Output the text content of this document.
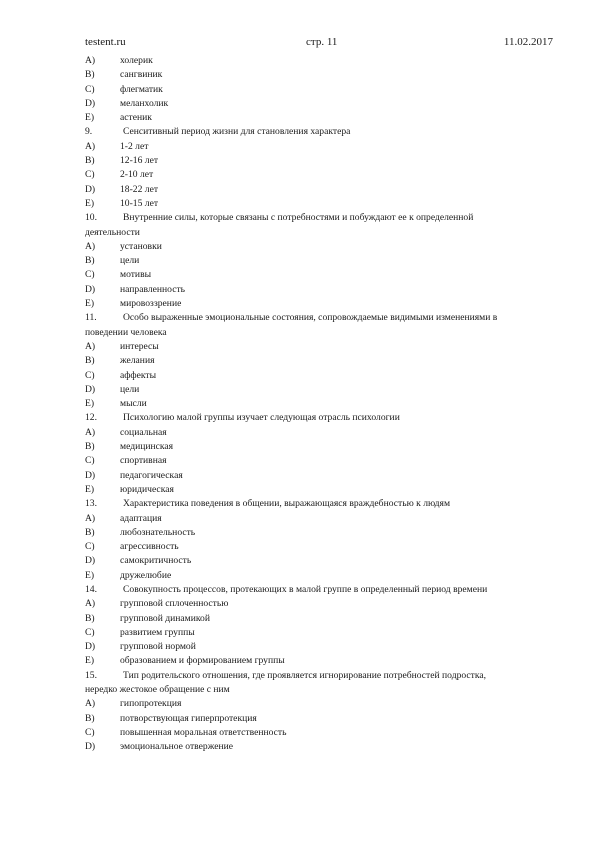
testent.ru	стр. 11	11.02.2017
A)	холерик
B)	сангвиник
C)	флегматик
D)	меланхолик
E)	астеник
9.	Сенситивный период жизни для становления характера
A)	1-2 лет
B)	12-16 лет
C)	2-10 лет
D)	18-22 лет
E)	10-15 лет
10.	Внутренние силы, которые связаны с потребностями и побуждают ее к определенной деятельности
A)	установки
B)	цели
C)	мотивы
D)	направленность
E)	мировоззрение
11.	Особо выраженные эмоциональные состояния, сопровождаемые видимыми изменениями в поведении человека
A)	интересы
B)	желания
C)	аффекты
D)	цели
E)	мысли
12.	Психологию малой группы изучает следующая отрасль психологии
A)	социальная
B)	медицинская
C)	спортивная
D)	педагогическая
E)	юридическая
13.	Характеристика поведения в общении, выражающаяся враждебностью к людям
A)	адаптация
B)	любознательность
C)	агрессивность
D)	самокритичность
E)	дружелюбие
14.	Совокупность процессов, протекающих в малой группе в определенный период времени
A)	групповой сплоченностью
B)	групповой динамикой
C)	развитием группы
D)	групповой нормой
E)	образованием и формированием группы
15.	Тип родительского отношения, где проявляется игнорирование потребностей подростка, нередко жестокое обращение с ним
A)	гипопротекция
B)	потворствующая гиперпротекция
C)	повышенная моральная ответственность
D)	эмоциональное отвержение
